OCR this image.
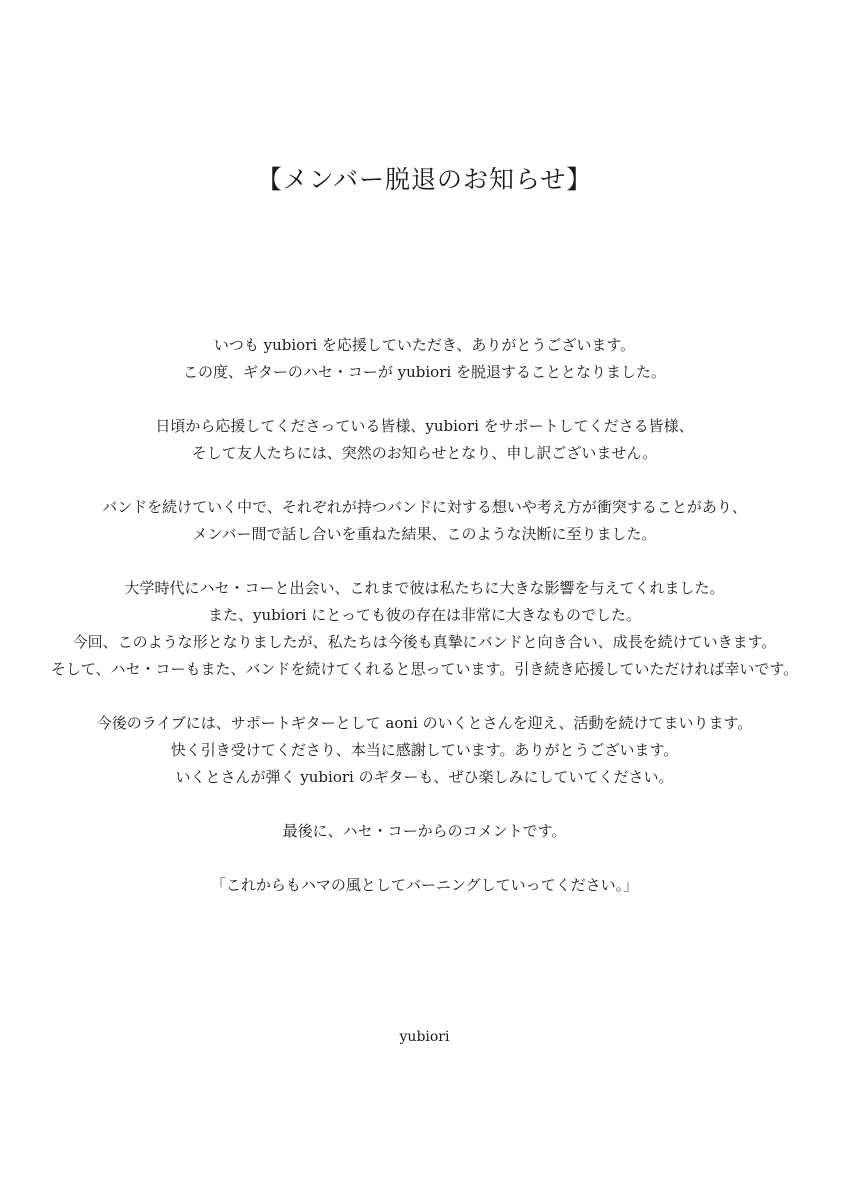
【メンバー脱退のお知らせ】
いつも yubiori を応援していただき、ありがとうございます。
この度、ギターのハセ・コーが yubiori を脱退することとなりました。
日頃から応援してくださっている皆様、yubiori をサポートしてくださる皆様、
そして友人たちには、突然のお知らせとなり、申し訳ございません。
バンドを続けていく中で、それぞれが持つバンドに対する想いや考え方が衝突することがあり、
メンバー間で話し合いを重ねた結果、このような決断に至りました。
大学時代にハセ・コーと出会い、これまで彼は私たちに大きな影響を与えてくれました。
また、yubiori にとっても彼の存在は非常に大きなものでした。
今回、このような形となりましたが、私たちは今後も真摯にバンドと向き合い、成長を続けていきます。
そして、ハセ・コーもまた、バンドを続けてくれると思っています。引き続き応援していただければ幸いです。
今後のライブには、サポートギターとして aoni のいくとさんを迎え、活動を続けてまいります。
快く引き受けてくださり、本当に感謝しています。ありがとうございます。
いくとさんが弾く yubiori のギターも、ぜひ楽しみにしていてください。
最後に、ハセ・コーからのコメントです。
「これからもハマの風としてバーニングしていってください。」
yubiori
